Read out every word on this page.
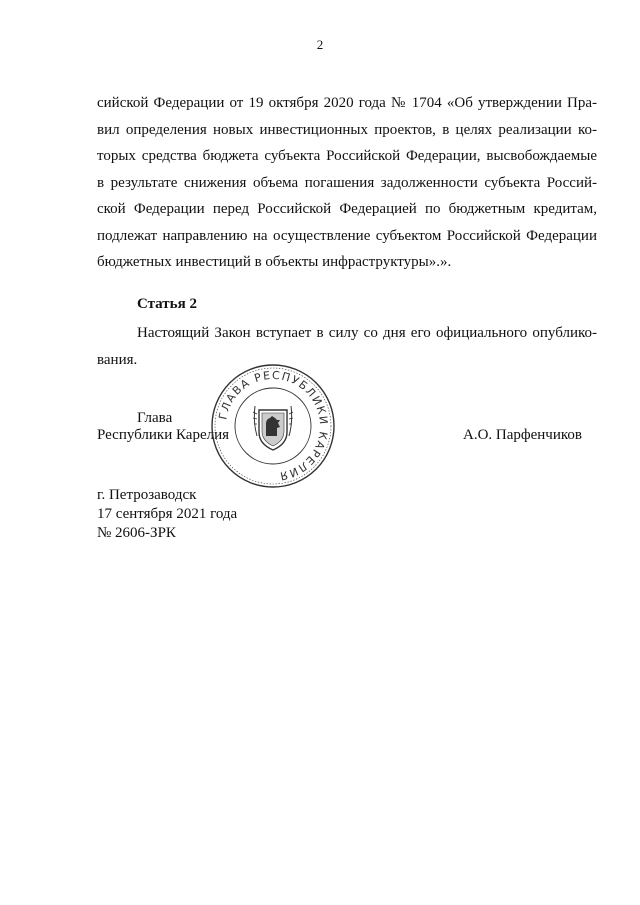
2
сийской Федерации от 19 октября 2020 года № 1704 «Об утверждении Пра-
вил определения новых инвестиционных проектов, в целях реализации ко-
торых средства бюджета субъекта Российской Федерации, высвобождаемые
в результате снижения объема погашения задолженности субъекта Россий-
ской Федерации перед Российской Федерацией по бюджетным кредитам,
подлежат направлению на осуществление субъектом Российской Федерации
бюджетных инвестиций в объекты инфраструктуры».».
Статья 2
Настоящий Закон вступает в силу со дня его официального опублико-
вания.
Глава
Республики Карелия	А.О. Парфенчиков
ГЛАВА РЕСПУБЛИКИ КАРЕЛИЯ
г. Петрозаводск
17 сентября 2021 года
№ 2606-ЗРК
